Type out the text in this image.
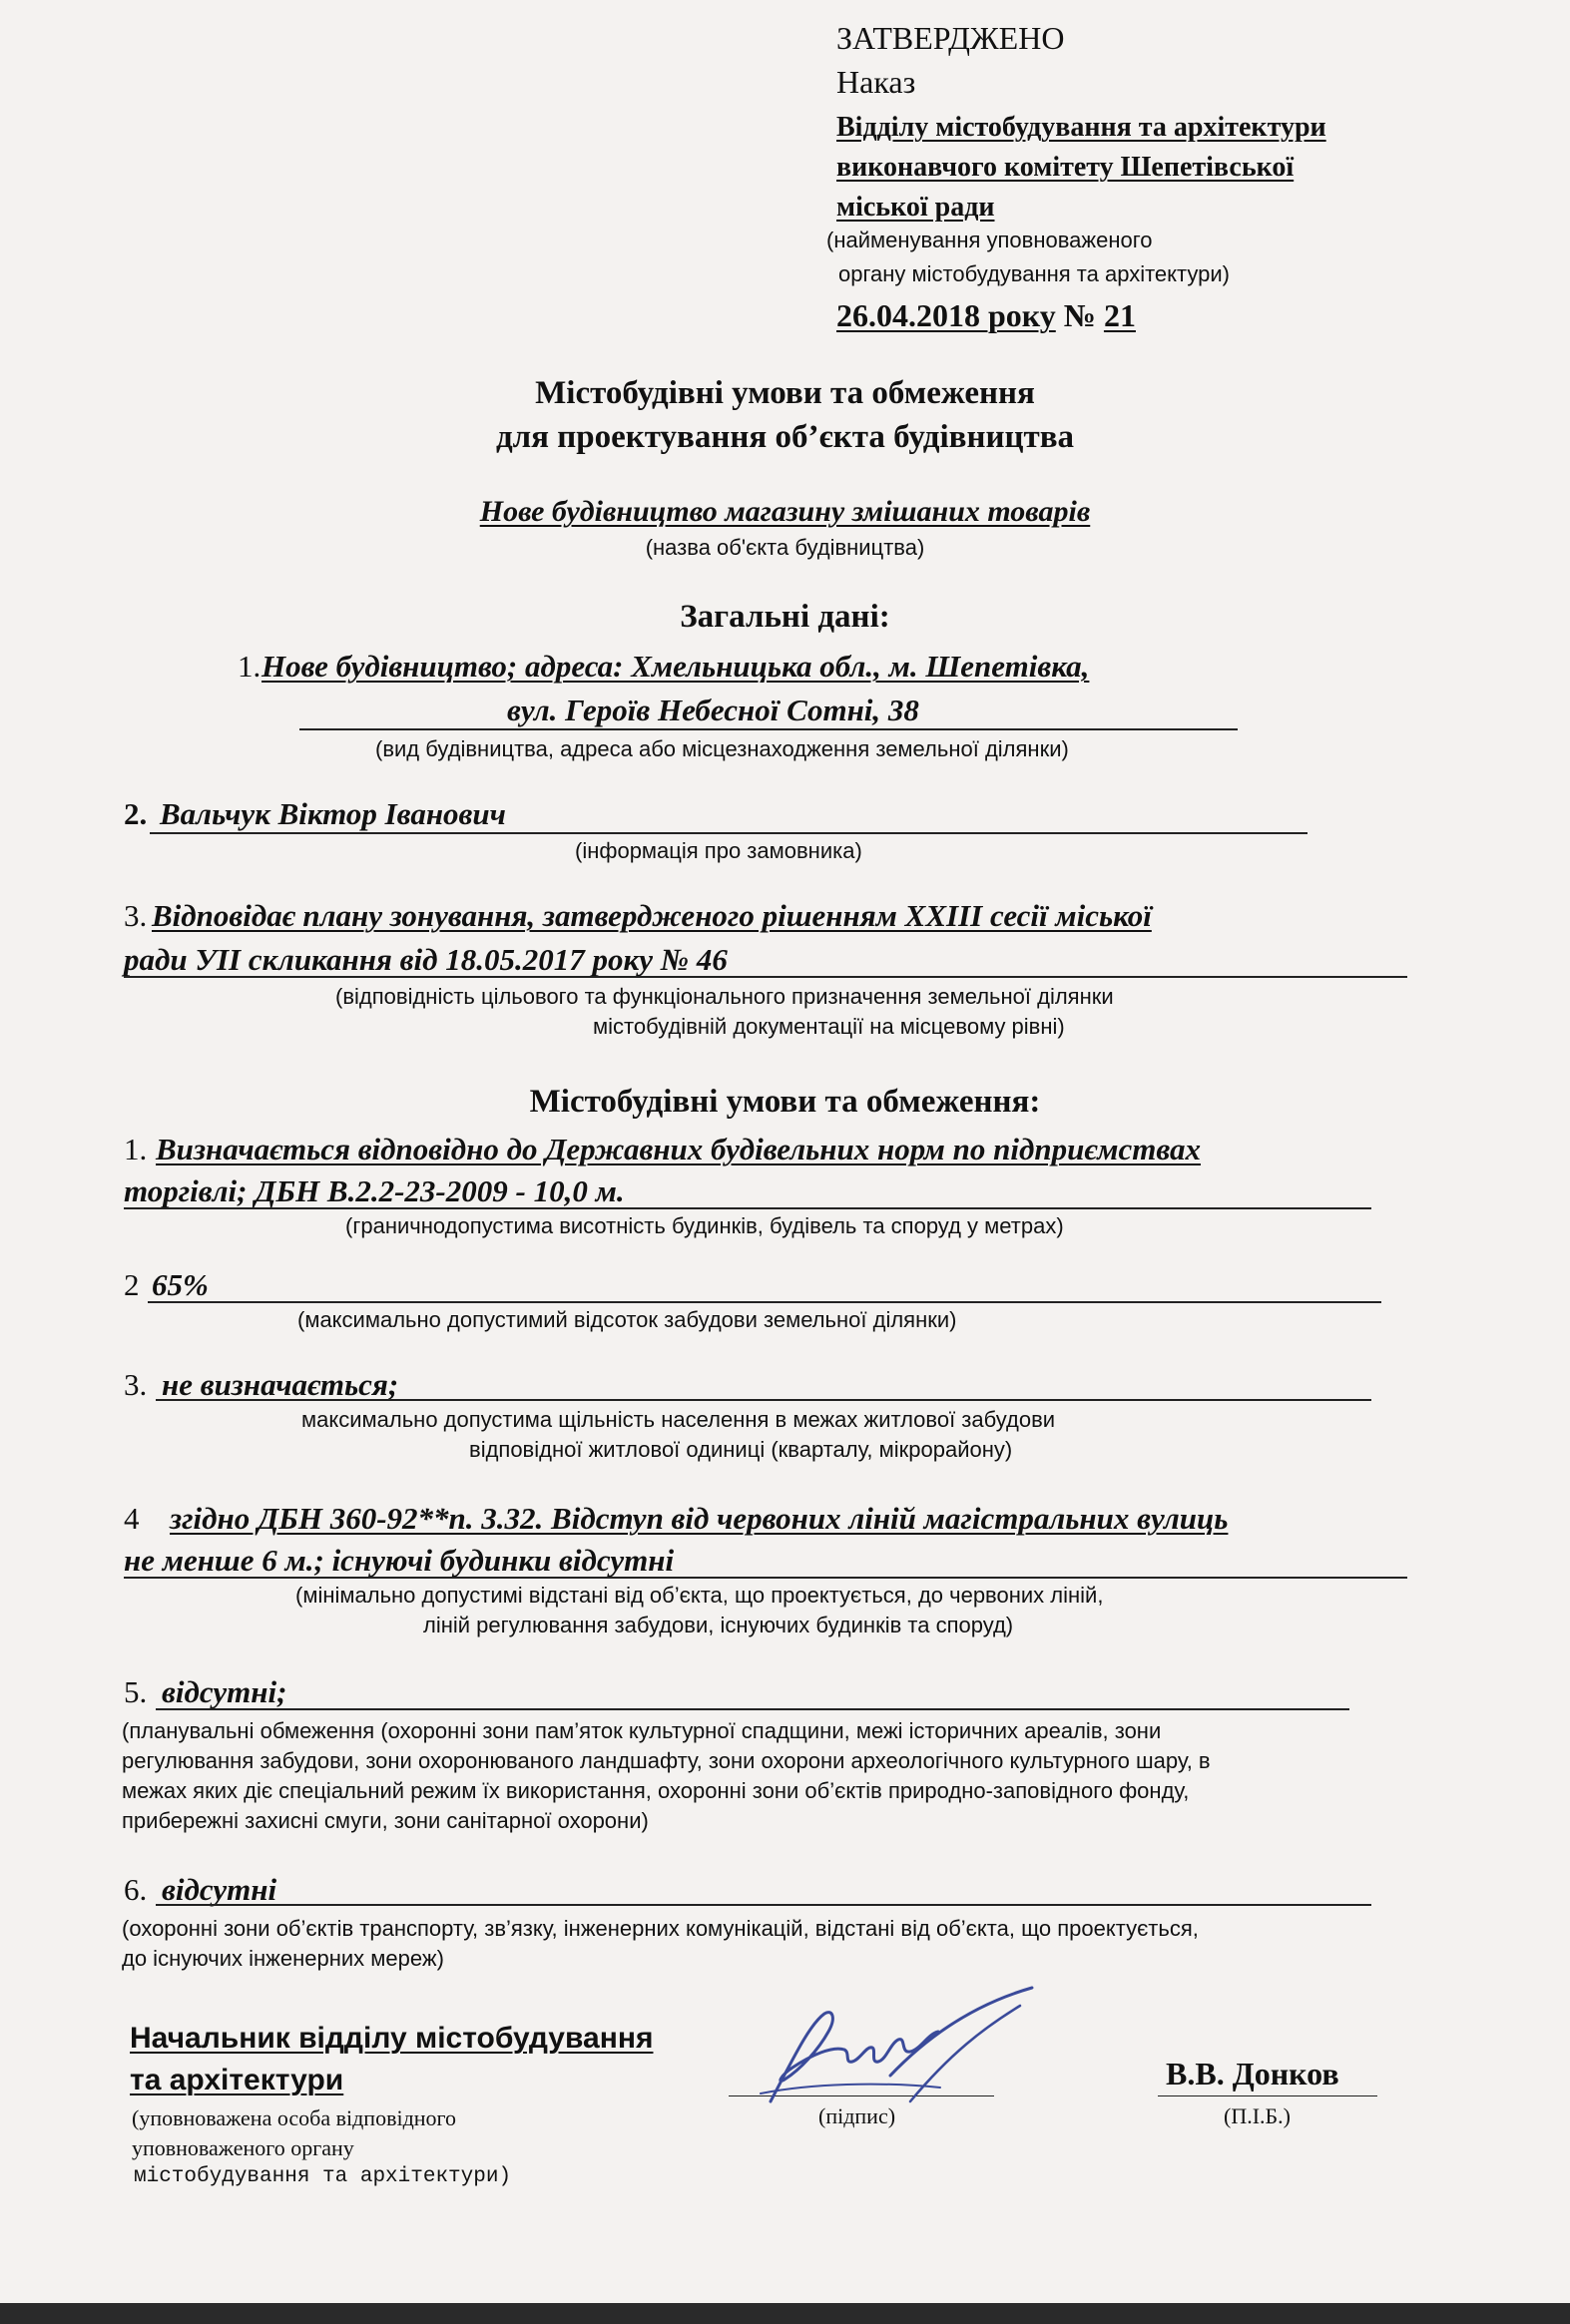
ЗАТВЕРДЖЕНО
Наказ
Відділу містобудування та архітектури
виконавчого комітету Шепетівської
міської ради
(найменування уповноваженого
органу містобудування та архітектури)
26.04.2018 року № 21
Містобудівні умови та обмеження
для проектування об’єкта будівництва
Нове будівництво магазину змішаних товарів
(назва об'єкта будівництва)
Загальні дані:
1. Нове будівництво; адреса: Хмельницька обл., м. Шепетівка,
вул. Героїв Небесної Сотні, 38
(вид будівництва, адреса або місцезнаходження земельної ділянки)
2. Вальчук Віктор Іванович
(інформація про замовника)
3. Відповідає плану зонування, затвердженого рішенням XXIII сесії міської
ради УІІ скликання від 18.05.2017 року № 46
(відповідність цільового та функціонального призначення земельної ділянки
містобудівній документації на місцевому рівні)
Містобудівні умови та обмеження:
1. Визначається відповідно до Державних будівельних норм по підприємствах
торгівлі; ДБН В.2.2-23-2009 - 10,0 м.
(граничнодопустима висотність будинків, будівель та споруд у метрах)
2 65%
(максимально допустимий відсоток забудови земельної ділянки)
3. не визначається;
максимально допустима щільність населення в межах житлової забудови
відповідної житлової одиниці (кварталу, мікрорайону)
4 згідно ДБН 360-92**п. 3.32. Відступ від червоних ліній магістральних вулиць
не менше 6 м.; існуючі будинки відсутні
(мінімально допустимі відстані від об’єкта, що проектується, до червоних ліній,
ліній регулювання забудови, існуючих будинків та споруд)
5. відсутні;
(планувальні обмеження (охоронні зони пам’яток культурної спадщини, межі історичних ареалів, зони
регулювання забудови, зони охоронюваного ландшафту, зони охорони археологічного культурного шару, в
межах яких діє спеціальний режим їх використання, охоронні зони об’єктів природно-заповідного фонду,
прибережні захисні смуги, зони санітарної охорони)
6. відсутні
(охоронні зони об’єктів транспорту, зв’язку, інженерних комунікацій, відстані від об’єкта, що проектується,
до існуючих інженерних мереж)
Начальник відділу містобудування
та архітектури
(уповноважена особа відповідного
уповноваженого органу
містобудування та архітектури)
(підпис)
В.В. Донков
(П.І.Б.)
